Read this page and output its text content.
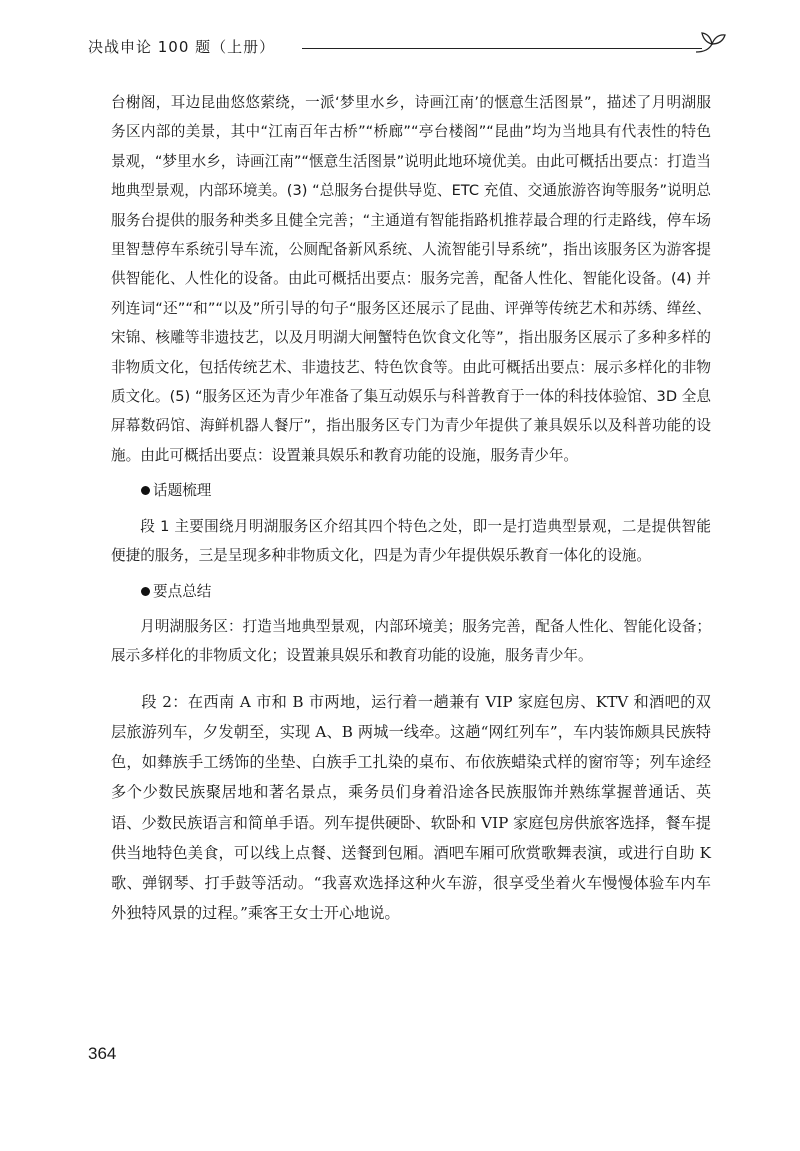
决战申论 100 题（上册）

台榭阁，耳边昆曲悠悠萦绕，一派‘梦里水乡，诗画江南’的惬意生活图景”，描述了月明湖服务区内部的美景，其中“江南百年古桥”“桥廊”“亭台楼阁”“昆曲”均为当地具有代表性的特色景观，“梦里水乡，诗画江南”“惬意生活图景”说明此地环境优美。由此可概括出要点：打造当地典型景观，内部环境美。(3) “总服务台提供导览、ETC 充值、交通旅游咨询等服务”说明总服务台提供的服务种类多且健全完善；“主通道有智能指路机推荐最合理的行走路线，停车场里智慧停车系统引导车流，公厕配备新风系统、人流智能引导系统”，指出该服务区为游客提供智能化、人性化的设备。由此可概括出要点：服务完善，配备人性化、智能化设备。(4) 并列连词“还”“和”“以及”所引导的句子“服务区还展示了昆曲、评弹等传统艺术和苏绣、缂丝、宋锦、核雕等非遗技艺，以及月明湖大闸蟹特色饮食文化等”，指出服务区展示了多种多样的非物质文化，包括传统艺术、非遗技艺、特色饮食等。由此可概括出要点：展示多样化的非物质文化。(5) “服务区还为青少年准备了集互动娱乐与科普教育于一体的科技体验馆、3D 全息屏幕数码馆、海鲜机器人餐厅”，指出服务区专门为青少年提供了兼具娱乐以及科普功能的设施。由此可概括出要点：设置兼具娱乐和教育功能的设施，服务青少年。

话题梳理

段 1 主要围绕月明湖服务区介绍其四个特色之处，即一是打造典型景观，二是提供智能便捷的服务，三是呈现多种非物质文化，四是为青少年提供娱乐教育一体化的设施。

要点总结

月明湖服务区：打造当地典型景观，内部环境美；服务完善，配备人性化、智能化设备；展示多样化的非物质文化；设置兼具娱乐和教育功能的设施，服务青少年。

段 2：在西南 A 市和 B 市两地，运行着一趟兼有 VIP 家庭包房、KTV 和酒吧的双层旅游列车，夕发朝至，实现 A、B 两城一线牵。这趟“网红列车”，车内装饰颇具民族特色，如彝族手工绣饰的坐垫、白族手工扎染的桌布、布依族蜡染式样的窗帘等；列车途经多个少数民族聚居地和著名景点，乘务员们身着沿途各民族服饰并熟练掌握普通话、英语、少数民族语言和简单手语。列车提供硬卧、软卧和 VIP 家庭包房供旅客选择，餐车提供当地特色美食，可以线上点餐、送餐到包厢。酒吧车厢可欣赏歌舞表演，或进行自助 K 歌、弹钢琴、打手鼓等活动。“我喜欢选择这种火车游，很享受坐着火车慢慢体验车内车外独特风景的过程。”乘客王女士开心地说。

364
